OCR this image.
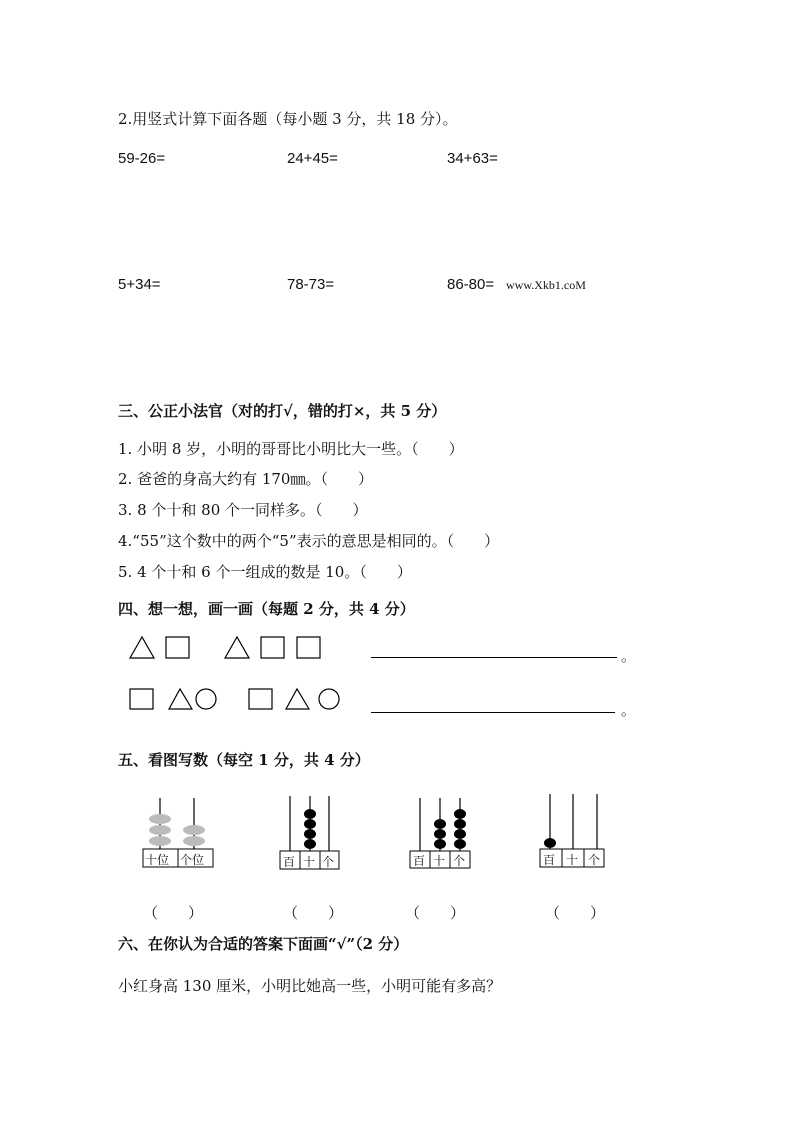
2.用竖式计算下面各题（每小题 3 分，共 18 分）。
59-26=	24+45=	34+63=
5+34=	78-73=	86-80= www.Xkb1.coM
三、公正小法官（对的打√，错的打×，共 5 分）
1. 小明 8 岁，小明的哥哥比小明比大一些。（　　）
2. 爸爸的身高大约有 170㎜。（　　）
3. 8 个十和 80 个一同样多。（　　）
4.“55”这个数中的两个“5”表示的意思是相同的。（　　）
5. 4 个十和 6 个一组成的数是 10。（　　）
四、想一想，画一画（每题 2 分，共 4 分）
。
。
五、看图写数（每空 1 分，共 4 分）
十位 个位	百 十 个	百 十 个	百 十 个
（　　）	（　　）	（　　）	（　　）
六、在你认为合适的答案下面画“√”（2 分）
小红身高 130 厘米，小明比她高一些，小明可能有多高？
